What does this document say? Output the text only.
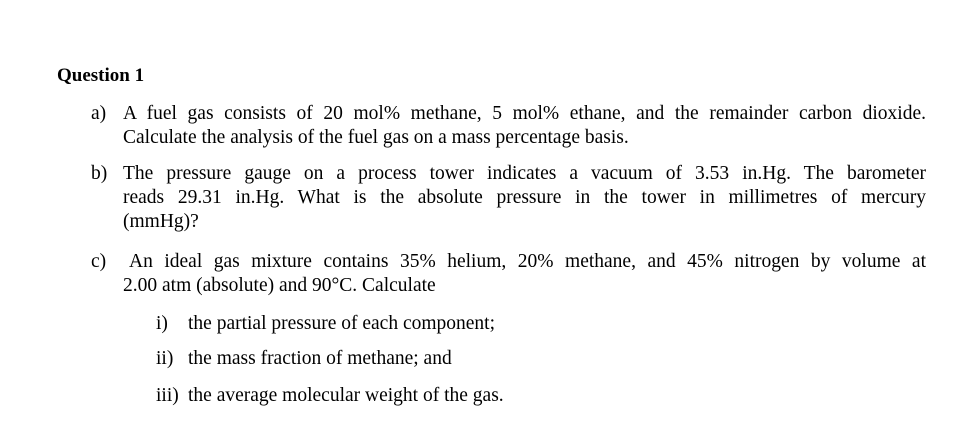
Question 1
a) A fuel gas consists of 20 mol% methane, 5 mol% ethane, and the remainder carbon dioxide.
Calculate the analysis of the fuel gas on a mass percentage basis.
b) The pressure gauge on a process tower indicates a vacuum of 3.53 in.Hg. The barometer
reads 29.31 in.Hg. What is the absolute pressure in the tower in millimetres of mercury
(mmHg)?
c) An ideal gas mixture contains 35% helium, 20% methane, and 45% nitrogen by volume at
2.00 atm (absolute) and 90°C. Calculate
i) the partial pressure of each component;
ii) the mass fraction of methane; and
iii) the average molecular weight of the gas.
